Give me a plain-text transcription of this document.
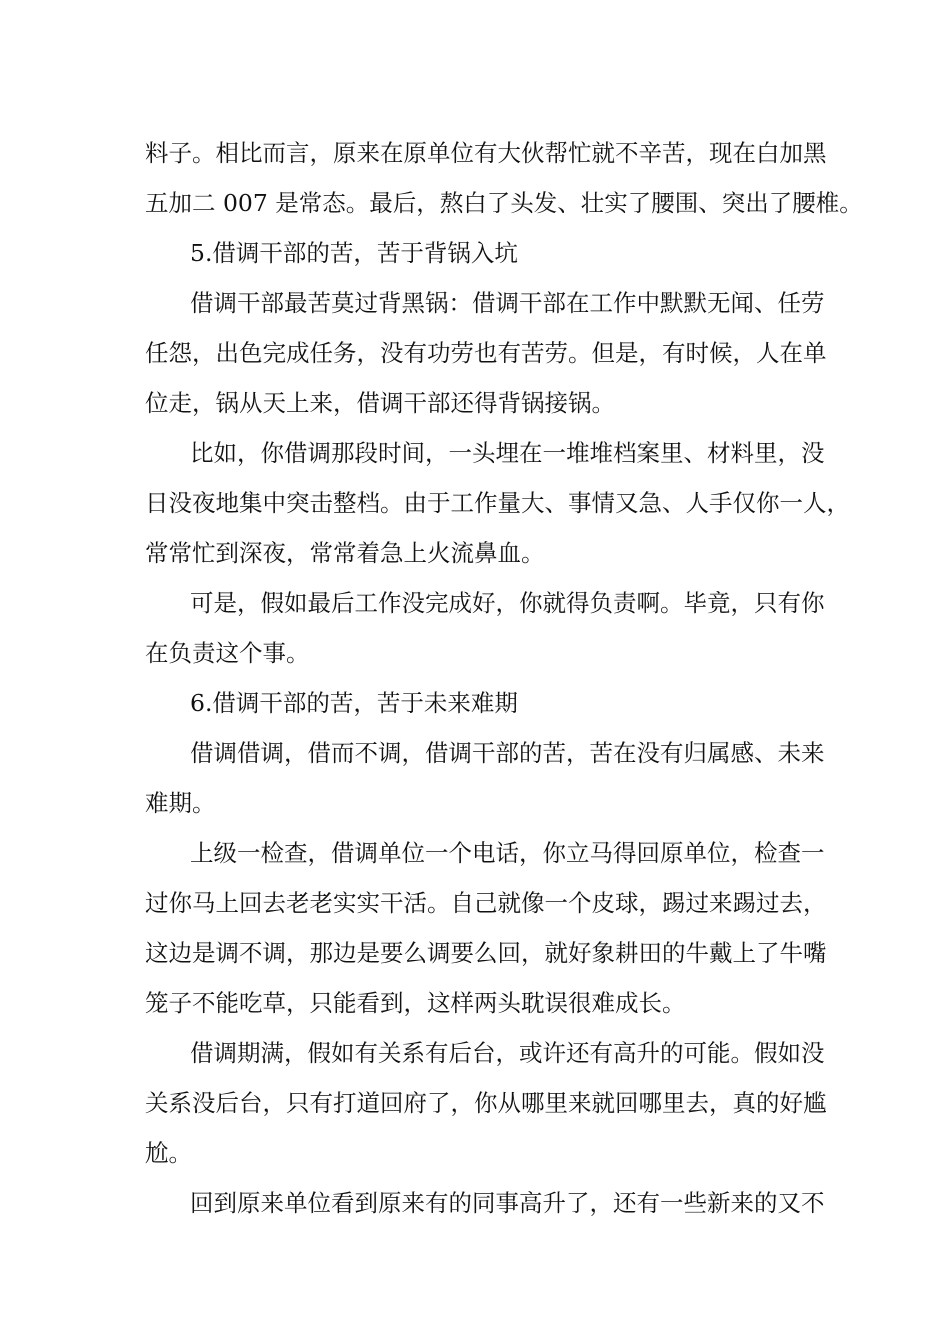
料子。相比而言，原来在原单位有大伙帮忙就不辛苦，现在白加黑
五加二 007 是常态。最后，熬白了头发、壮实了腰围、突出了腰椎。
5.借调干部的苦，苦于背锅入坑
借调干部最苦莫过背黑锅：借调干部在工作中默默无闻、任劳
任怨，出色完成任务，没有功劳也有苦劳。但是，有时候，人在单
位走，锅从天上来，借调干部还得背锅接锅。
比如，你借调那段时间，一头埋在一堆堆档案里、材料里，没
日没夜地集中突击整档。由于工作量大、事情又急、人手仅你一人，
常常忙到深夜，常常着急上火流鼻血。
可是，假如最后工作没完成好，你就得负责啊。毕竟，只有你
在负责这个事。
6.借调干部的苦，苦于未来难期
借调借调，借而不调，借调干部的苦，苦在没有归属感、未来
难期。
上级一检查，借调单位一个电话，你立马得回原单位，检查一
过你马上回去老老实实干活。自己就像一个皮球，踢过来踢过去，
这边是调不调，那边是要么调要么回，就好象耕田的牛戴上了牛嘴
笼子不能吃草，只能看到，这样两头耽误很难成长。
借调期满，假如有关系有后台，或许还有高升的可能。假如没
关系没后台，只有打道回府了，你从哪里来就回哪里去，真的好尴
尬。
回到原来单位看到原来有的同事高升了，还有一些新来的又不
